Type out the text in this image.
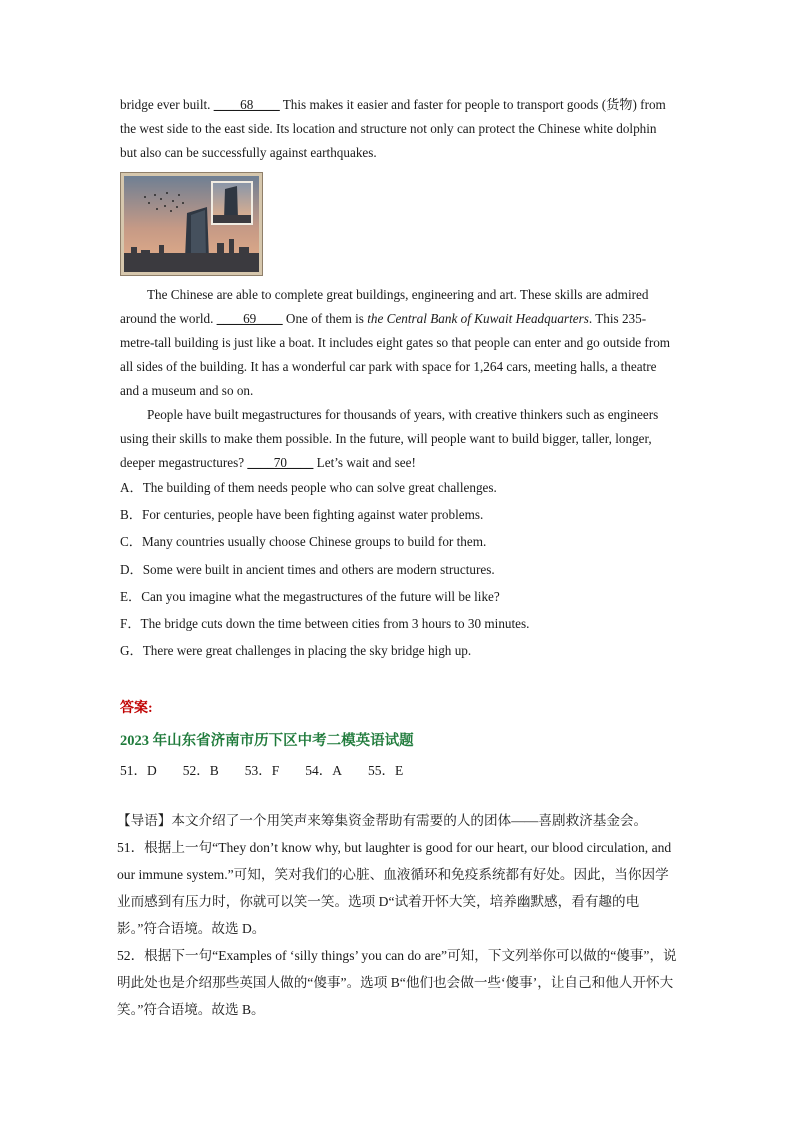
bridge ever built. ____68____ This makes it easier and faster for people to transport goods (货物) from the west side to the east side. Its location and structure not only can protect the Chinese white dolphin but also can be successfully against earthquakes.

The Chinese are able to complete great buildings, engineering and art. These skills are admired around the world. ____69____ One of them is the Central Bank of Kuwait Headquarters. This 235-metre-tall building is just like a boat. It includes eight gates so that people can enter and go outside from all sides of the building. It has a wonderful car park with space for 1,264 cars, meeting halls, a theatre and a museum and so on.

People have built megastructures for thousands of years, with creative thinkers such as engineers using their skills to make them possible. In the future, will people want to build bigger, taller, longer, deeper megastructures? ____70____ Let’s wait and see!

A．The building of them needs people who can solve great challenges.
B．For centuries, people have been fighting against water problems.
C．Many countries usually choose Chinese groups to build for them.
D．Some were built in ancient times and others are modern structures.
E．Can you imagine what the megastructures of the future will be like?
F．The bridge cuts down the time between cities from 3 hours to 30 minutes.
G．There were great challenges in placing the sky bridge high up.
答案:
2023 年山东省济南市历下区中考二模英语试题
51．D 52．B 53．F 54．A 55．E

【导语】本文介绍了一个用笑声来筹集资金帮助有需要的人的团体——喜剧救济基金会。

51．根据上一句“They don’t know why, but laughter is good for our heart, our blood circulation, and our immune system.”可知，笑对我们的心脏、血液循环和免疫系统都有好处。因此，当你因学业而感到有压力时，你就可以笑一笑。选项 D“试着开怀大笑，培养幽默感，看有趣的电影。”符合语境。故选 D。

52．根据下一句“Examples of ‘silly things’ you can do are”可知，下文列举你可以做的“傻事”，说明此处也是介绍那些英国人做的“傻事”。选项 B“他们也会做一些‘傻事’，让自己和他人开怀大笑。”符合语境。故选 B。
